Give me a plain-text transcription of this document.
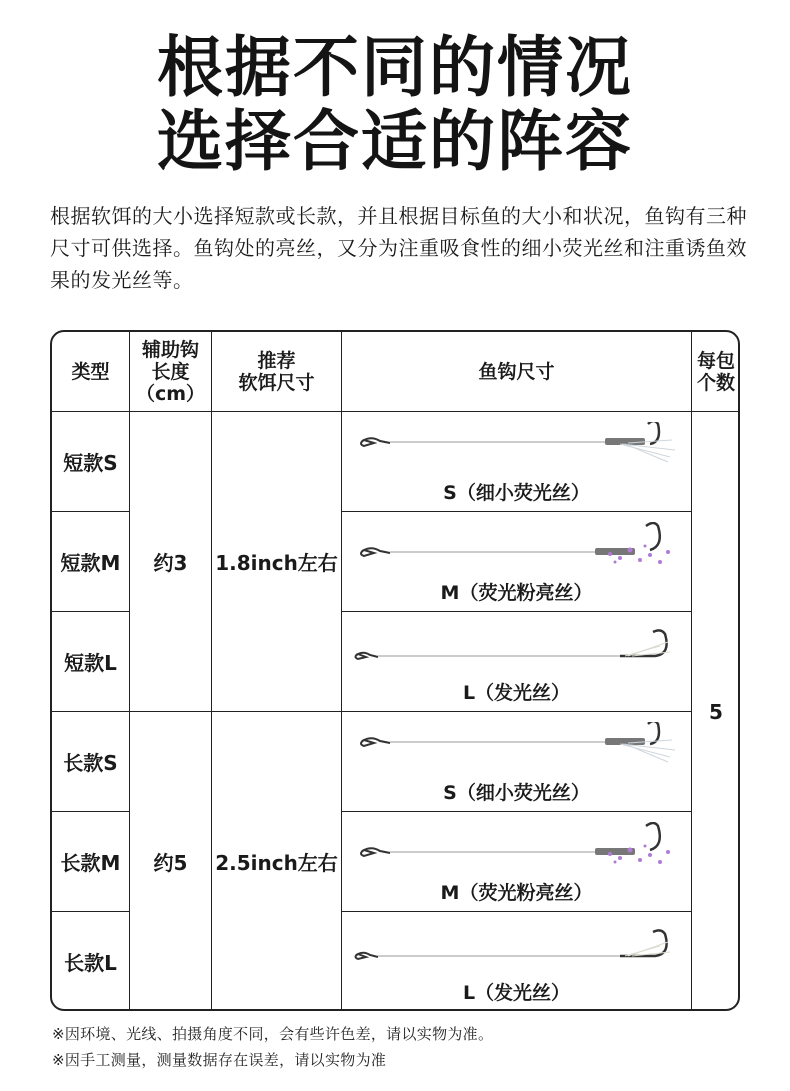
根据不同的情况
选择合适的阵容
根据软饵的大小选择短款或长款，并且根据目标鱼的大小和状况，鱼钩有三种尺寸可供选择。鱼钩处的亮丝，又分为注重吸食性的细小荧光丝和注重诱鱼效果的发光丝等。
类型
辅助钩
长度
（cm）
推荐
软饵尺寸	鱼钩尺寸	每包
个数
短款S
短款M
短款L
长款S
长款M
长款L
约3
约5
1.8inch左右
2.5inch左右
S（细小荧光丝）
M（荧光粉亮丝）
L（发光丝）
S（细小荧光丝）
M（荧光粉亮丝）
L（发光丝）
5
※因环境、光线、拍摄角度不同，会有些许色差，请以实物为准。
※因手工测量，测量数据存在误差，请以实物为准
